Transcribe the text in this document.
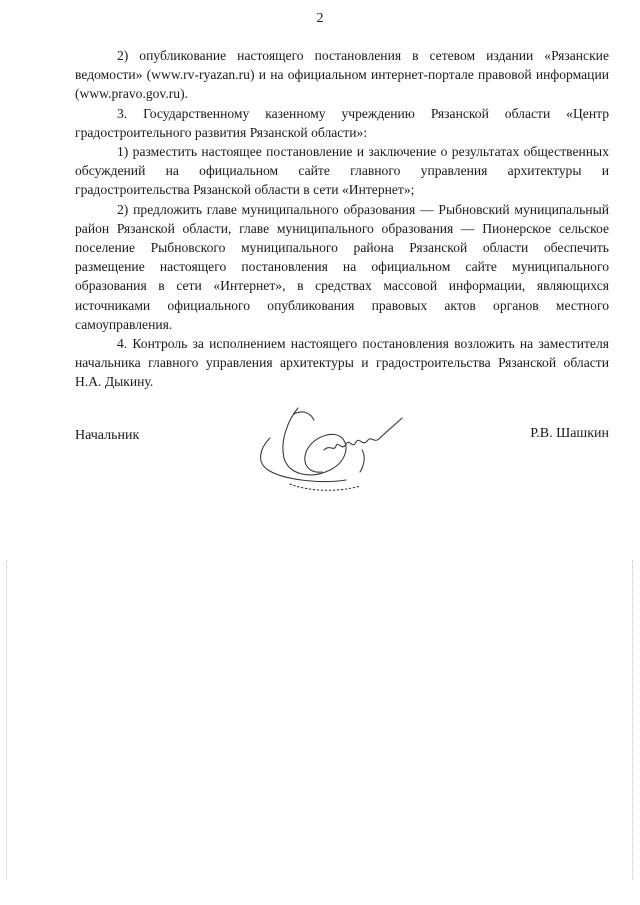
2

2) опубликование настоящего постановления в сетевом издании «Рязанские ведомости» (www.rv-ryazan.ru) и на официальном интернет-портале правовой информации (www.pravo.gov.ru).

3. Государственному казенному учреждению Рязанской области «Центр градостроительного развития Рязанской области»:

1) разместить настоящее постановление и заключение о результатах общественных обсуждений на официальном сайте главного управления архитектуры и градостроительства Рязанской области в сети «Интернет»;

2) предложить главе муниципального образования — Рыбновский муниципальный район Рязанской области, главе муниципального образования — Пионерское сельское поселение Рыбновского муниципального района Рязанской области обеспечить размещение настоящего постановления на официальном сайте муниципального образования в сети «Интернет», в средствах массовой информации, являющихся источниками официального опубликования правовых актов органов местного самоуправления.

4. Контроль за исполнением настоящего постановления возложить на заместителя начальника главного управления архитектуры и градостроительства Рязанской области Н.А. Дыкину.

Начальник	Р.В. Шашкин
